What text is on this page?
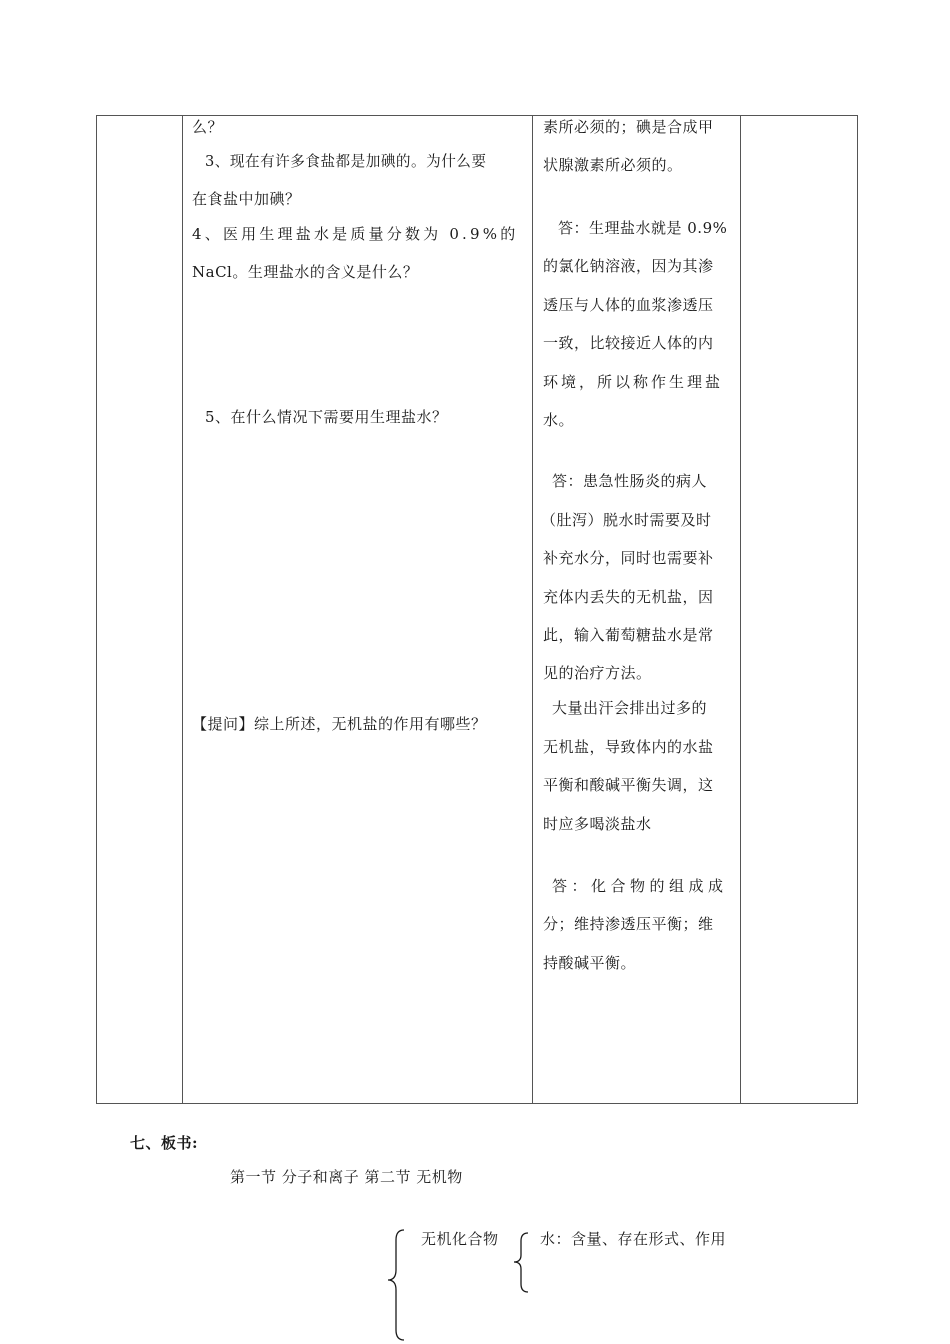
么？
3、现在有许多食盐都是加碘的。为什么要
在食盐中加碘？
4、医用生理盐水是质量分数为 0.9%的
NaCl。生理盐水的含义是什么？
5、在什么情况下需要用生理盐水？
【提问】综上所述，无机盐的作用有哪些？
素所必须的；碘是合成甲
状腺激素所必须的。
答：生理盐水就是 0.9%
的氯化钠溶液，因为其渗
透压与人体的血浆渗透压
一致，比较接近人体的内
环境，所以称作生理盐
水。
答：患急性肠炎的病人
（肚泻）脱水时需要及时
补充水分，同时也需要补
充体内丢失的无机盐，因
此，输入葡萄糖盐水是常
见的治疗方法。
大量出汗会排出过多的
无机盐，导致体内的水盐
平衡和酸碱平衡失调，这
时应多喝淡盐水
答：化合物的组成成
分；维持渗透压平衡；维
持酸碱平衡。
七、板书:
第一节 分子和离子 第二节 无机物
无机化合物	水：含量、存在形式、作用
